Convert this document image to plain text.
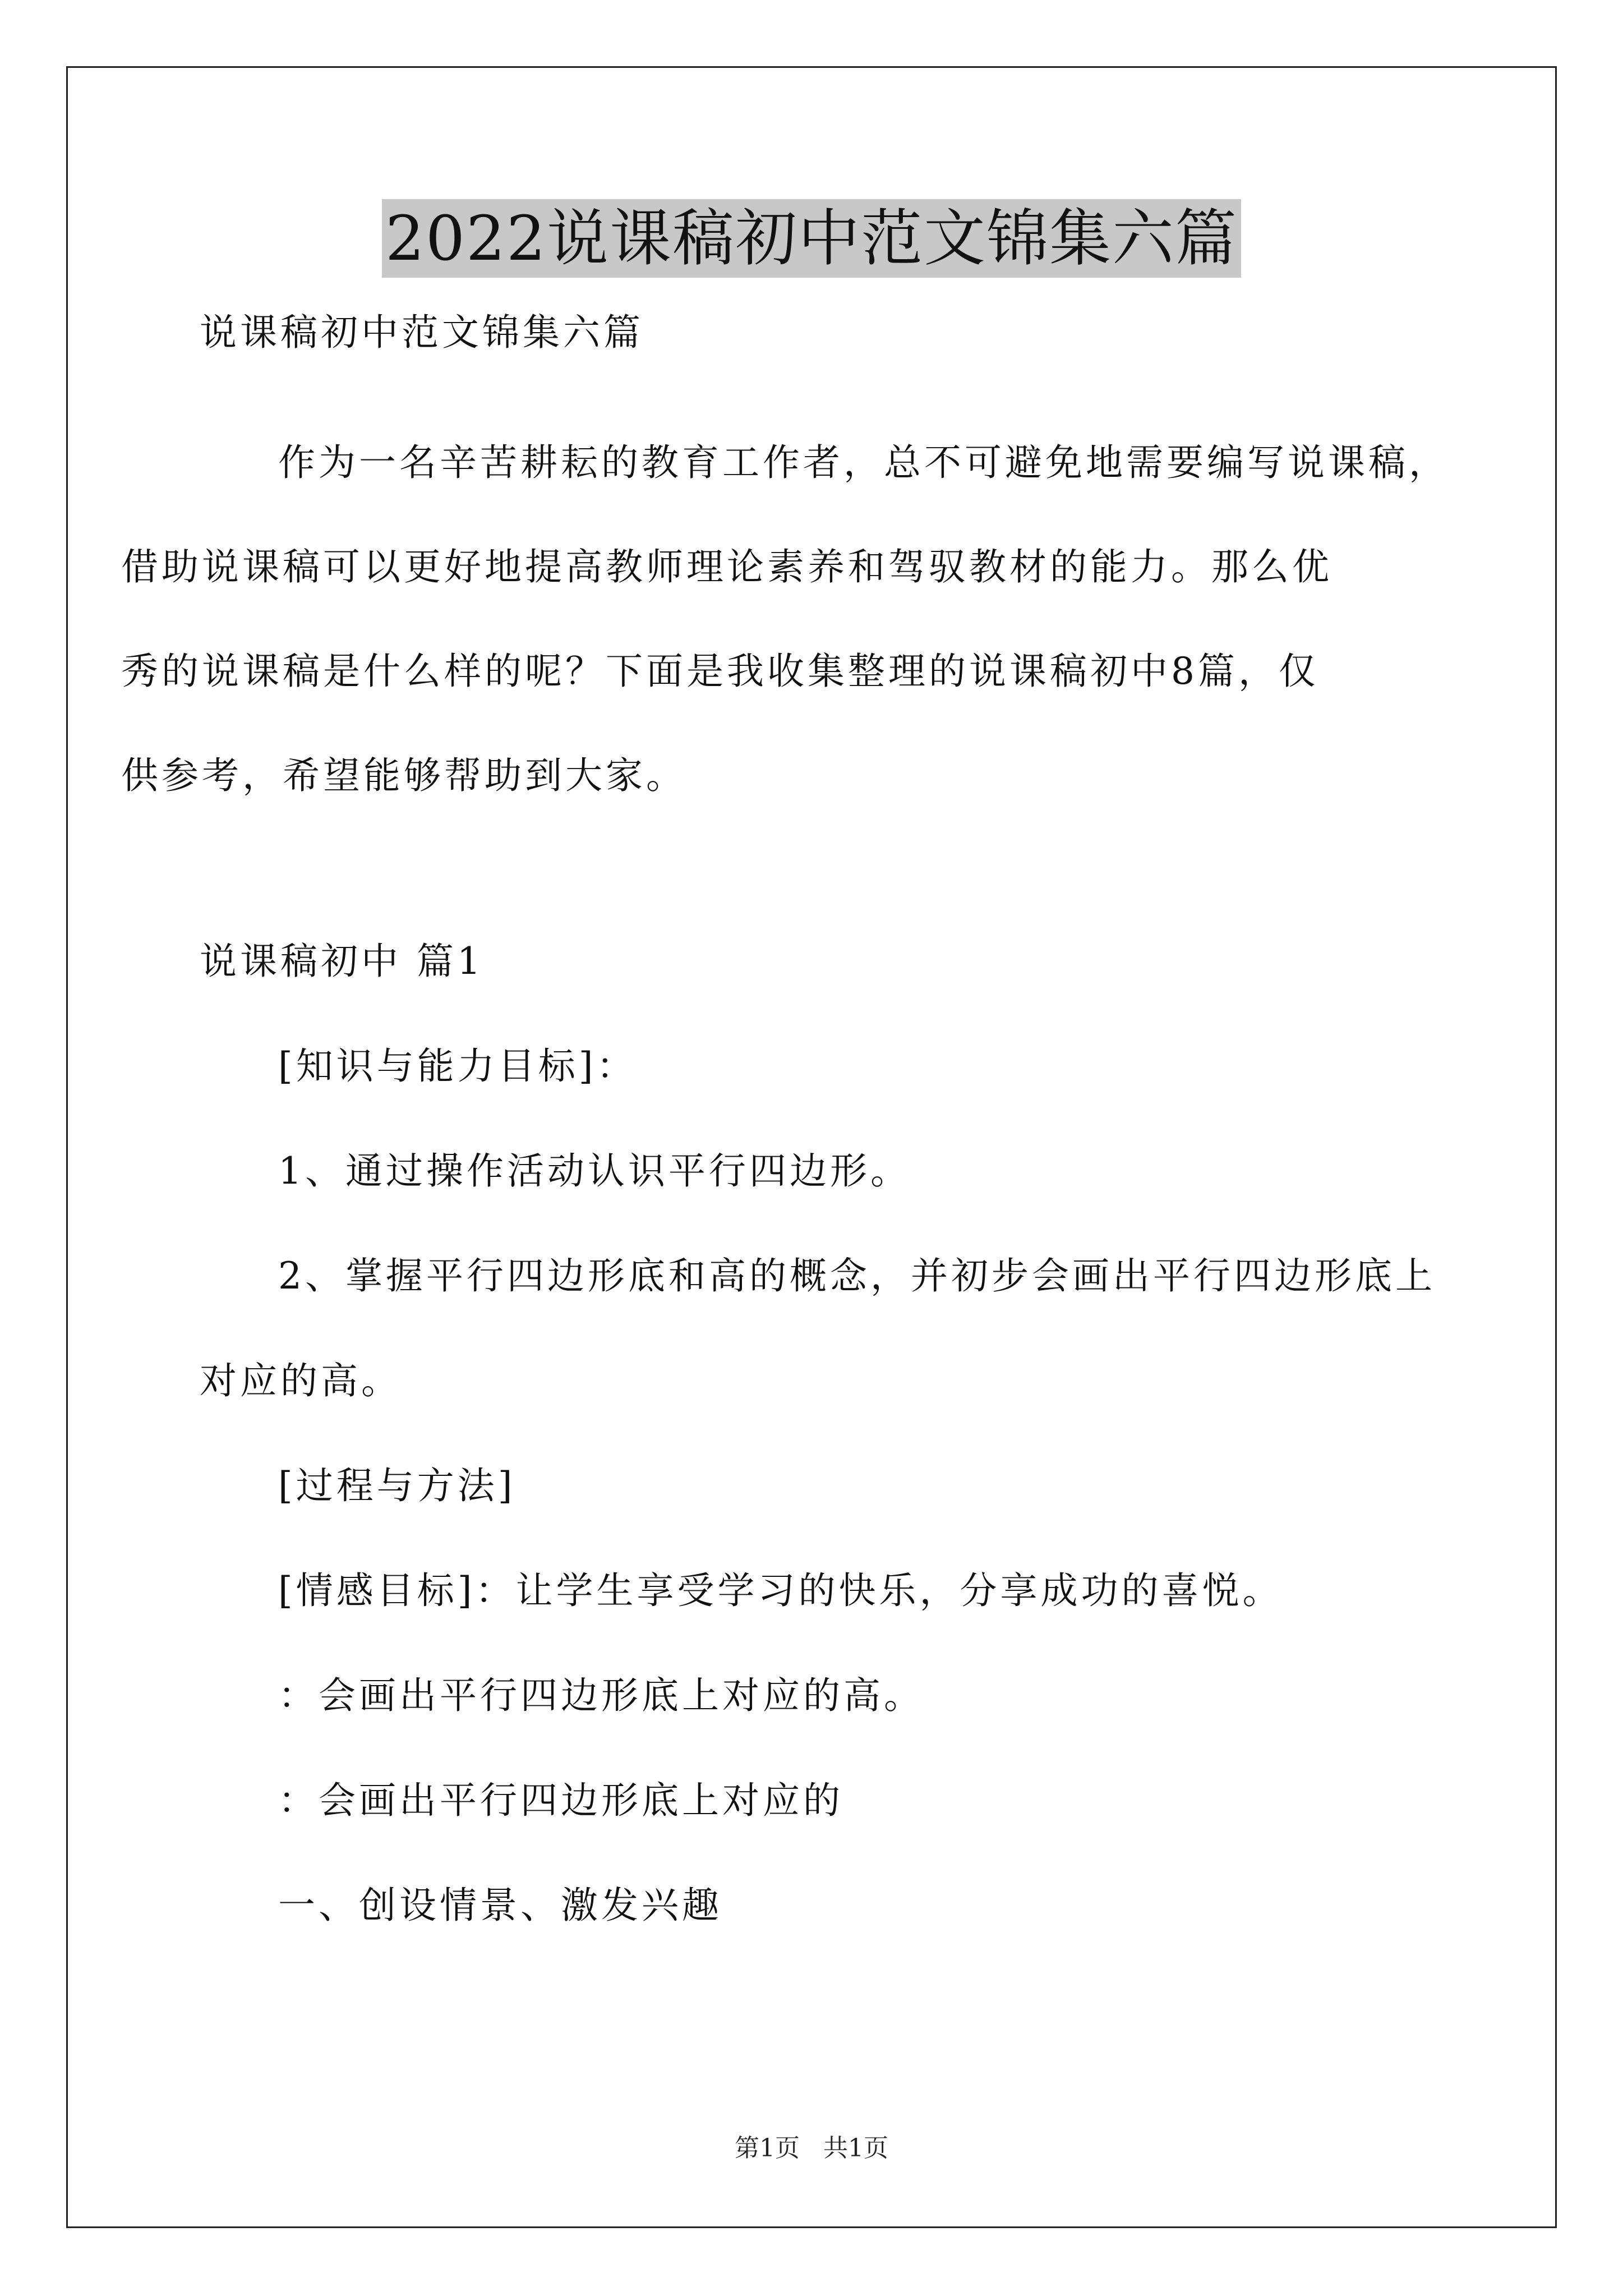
2022说课稿初中范文锦集六篇

说课稿初中范文锦集六篇

作为一名辛苦耕耘的教育工作者，总不可避免地需要编写说课稿，
借助说课稿可以更好地提高教师理论素养和驾驭教材的能力。那么优
秀的说课稿是什么样的呢？下面是我收集整理的说课稿初中8篇，仅
供参考，希望能够帮助到大家。

说课稿初中 篇1

[知识与能力目标]：

1、通过操作活动认识平行四边形。

2、掌握平行四边形底和高的概念，并初步会画出平行四边形底上

对应的高。

[过程与方法]

[情感目标]：让学生享受学习的快乐，分享成功的喜悦。

：会画出平行四边形底上对应的高。

：会画出平行四边形底上对应的

一、创设情景、激发兴趣

第1页 共1页
